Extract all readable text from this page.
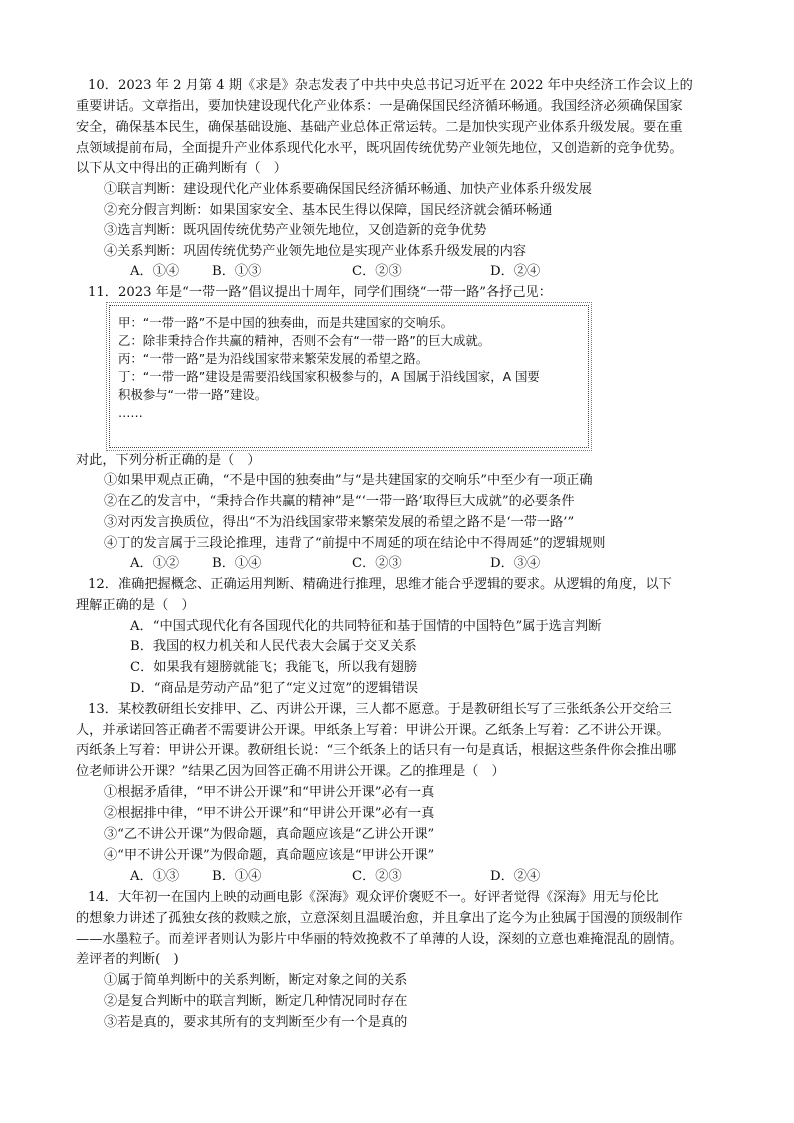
10．2023 年 2 月第 4 期《求是》杂志发表了中共中央总书记习近平在 2022 年中央经济工作会议上的
重要讲话。文章指出，要加快建设现代化产业体系：一是确保国民经济循环畅通。我国经济必须确保国家
安全，确保基本民生，确保基础设施、基础产业总体正常运转。二是加快实现产业体系升级发展。要在重
点领域提前布局，全面提升产业体系现代化水平，既巩固传统优势产业领先地位，又创造新的竞争优势。
以下从文中得出的正确判断有（　）
①联言判断：建设现代化产业体系要确保国民经济循环畅通、加快产业体系升级发展
②充分假言判断：如果国家安全、基本民生得以保障，国民经济就会循环畅通
③选言判断：既巩固传统优势产业领先地位，又创造新的竞争优势
④关系判断：巩固传统优势产业领先地位是实现产业体系升级发展的内容
A．①④ B．①③	C．②③	D．②④
11．2023 年是“一带一路”倡议提出十周年，同学们围绕“一带一路”各抒己见：
甲：“一带一路”不是中国的独奏曲，而是共建国家的交响乐。
乙：除非秉持合作共赢的精神，否则不会有“一带一路”的巨大成就。
丙：“一带一路”是为沿线国家带来繁荣发展的希望之路。
丁：“一带一路”建设是需要沿线国家积极参与的，A 国属于沿线国家，A 国要
积极参与“一带一路”建设。
……
对此，下列分析正确的是（　）
①如果甲观点正确，“不是中国的独奏曲”与“是共建国家的交响乐”中至少有一项正确
②在乙的发言中，“秉持合作共赢的精神”是“‘一带一路’取得巨大成就”的必要条件
③对丙发言换质位，得出“不为沿线国家带来繁荣发展的希望之路不是‘一带一路’”
④丁的发言属于三段论推理，违背了“前提中不周延的项在结论中不得周延”的逻辑规则
A．①② B．①④	C．②③	D．③④
12．准确把握概念、正确运用判断、精确进行推理，思维才能合乎逻辑的要求。从逻辑的角度，以下
理解正确的是（　）
A．“中国式现代化有各国现代化的共同特征和基于国情的中国特色”属于选言判断
B．我国的权力机关和人民代表大会属于交叉关系
C．如果我有翅膀就能飞；我能飞，所以我有翅膀
D．“商品是劳动产品”犯了“定义过宽”的逻辑错误
13．某校教研组长安排甲、乙、丙讲公开课，三人都不愿意。于是教研组长写了三张纸条公开交给三
人，并承诺回答正确者不需要讲公开课。甲纸条上写着：甲讲公开课。乙纸条上写着：乙不讲公开课。
丙纸条上写着：甲讲公开课。教研组长说：“三个纸条上的话只有一句是真话，根据这些条件你会推出哪
位老师讲公开课？”结果乙因为回答正确不用讲公开课。乙的推理是（　）
①根据矛盾律，“甲不讲公开课”和“甲讲公开课”必有一真
②根据排中律，“甲不讲公开课”和“甲讲公开课”必有一真
③“乙不讲公开课”为假命题，真命题应该是“乙讲公开课”
④“甲不讲公开课”为假命题，真命题应该是“甲讲公开课”
A．①③ B．①④	C．②③	D．②④
14．大年初一在国内上映的动画电影《深海》观众评价褒贬不一。好评者觉得《深海》用无与伦比
的想象力讲述了孤独女孩的救赎之旅，立意深刻且温暖治愈，并且拿出了迄今为止独属于国漫的顶级制作
——水墨粒子。而差评者则认为影片中华丽的特效挽救不了单薄的人设，深刻的立意也难掩混乱的剧情。
差评者的判断(　)
①属于简单判断中的关系判断，断定对象之间的关系
②是复合判断中的联言判断，断定几种情况同时存在
③若是真的，要求其所有的支判断至少有一个是真的
